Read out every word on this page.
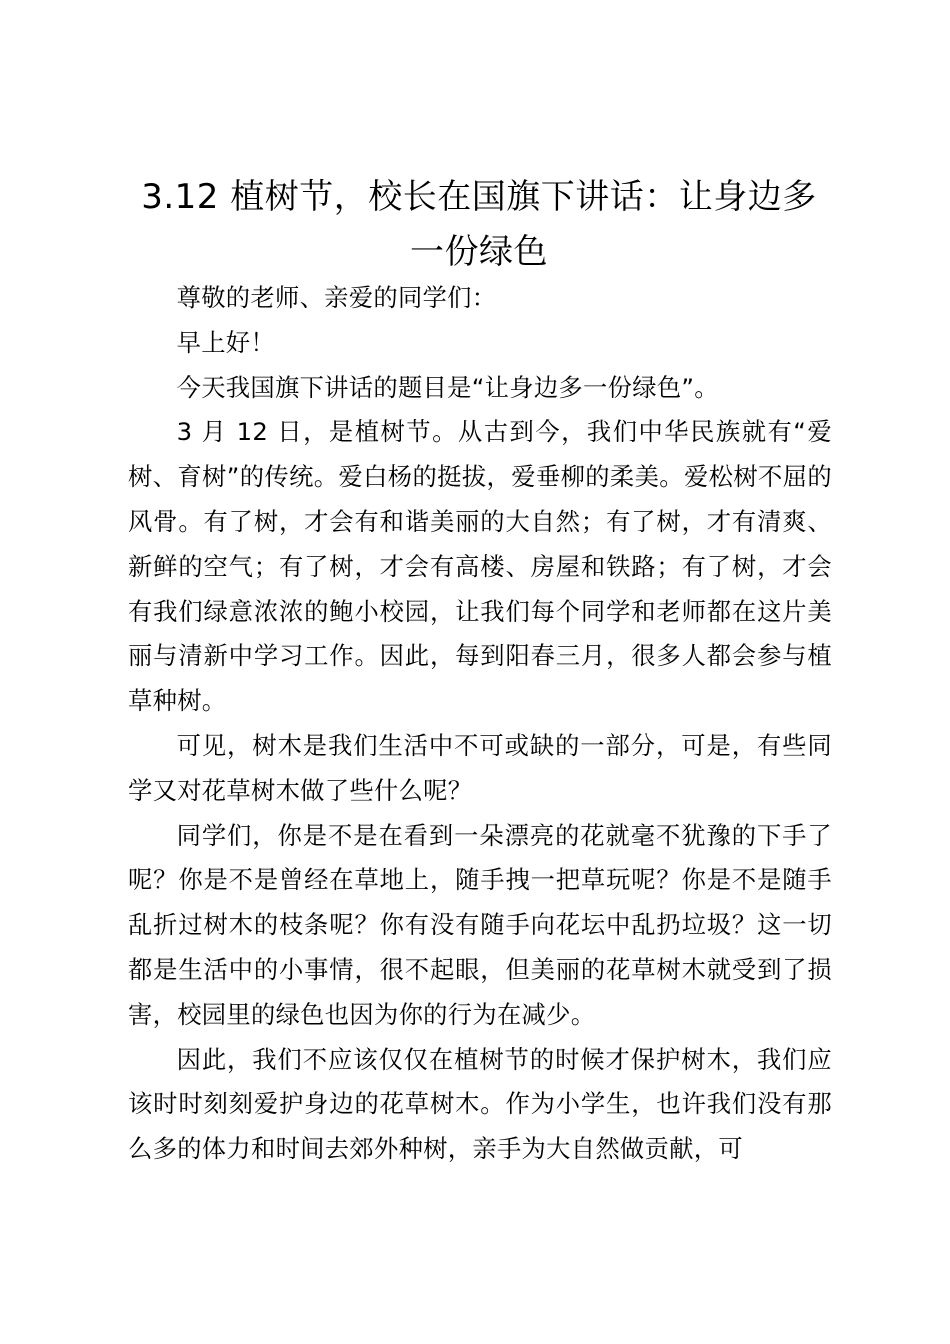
3.12 植树节，校长在国旗下讲话：让身边多一份绿色

尊敬的老师、亲爱的同学们：

早上好！

今天我国旗下讲话的题目是“让身边多一份绿色”。

3 月 12 日，是植树节。从古到今，我们中华民族就有“爱树、育树”的传统。爱白杨的挺拔，爱垂柳的柔美。爱松树不屈的风骨。有了树，才会有和谐美丽的大自然；有了树，才有清爽、新鲜的空气；有了树，才会有高楼、房屋和铁路；有了树，才会有我们绿意浓浓的鲍小校园，让我们每个同学和老师都在这片美丽与清新中学习工作。因此，每到阳春三月，很多人都会参与植草种树。

可见，树木是我们生活中不可或缺的一部分，可是，有些同学又对花草树木做了些什么呢？

同学们，你是不是在看到一朵漂亮的花就毫不犹豫的下手了呢？你是不是曾经在草地上，随手拽一把草玩呢？你是不是随手乱折过树木的枝条呢？你有没有随手向花坛中乱扔垃圾？这一切都是生活中的小事情，很不起眼，但美丽的花草树木就受到了损害，校园里的绿色也因为你的行为在减少。

因此，我们不应该仅仅在植树节的时候才保护树木，我们应该时时刻刻爱护身边的花草树木。作为小学生，也许我们没有那么多的体力和时间去郊外种树，亲手为大自然做贡献，可
